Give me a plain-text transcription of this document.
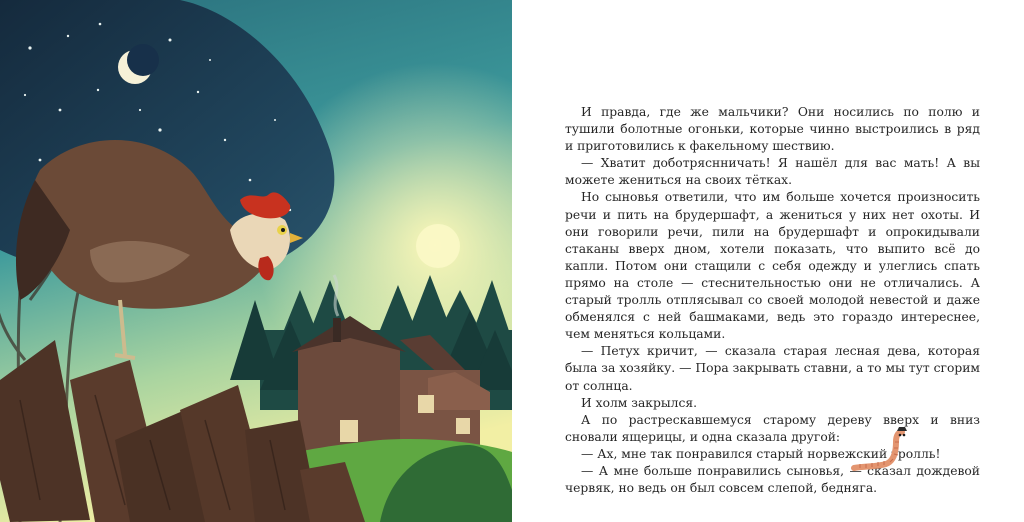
И правда, где же мальчики? Они носились по полю и тушили болотные огоньки, которые чинно выстроились в ряд и приготовились к факельному шествию.

— Хватит доботряснничать! Я нашёл для вас мать! А вы можете жениться на своих тётках.

Но сыновья ответили, что им больше хочется произносить речи и пить на брудершафт, а жениться у них нет охоты. И они говорили речи, пили на брудершафт и опрокидывали стаканы вверх дном, хотели показать, что выпито всё до капли. Потом они стащили с себя одежду и улеглись спать прямо на столе — стеснительностью они не отличались. А старый тролль отплясывал со своей молодой невестой и даже обменялся с ней башмаками, ведь это гораздо интереснее, чем меняться кольцами.

— Петух кричит, — сказала старая лесная дева, которая была за хозяйку. — Пора закрывать ставни, а то мы тут сгорим от солнца.

И холм закрылся.

А по растрескавшемуся старому дереву вверх и вниз сновали ящерицы, и одна сказала другой:

— Ах, мне так понравился старый норвежский тролль!

— А мне больше понравились сыновья, — сказал дождевой червяк, но ведь он был совсем слепой, бедняга.
